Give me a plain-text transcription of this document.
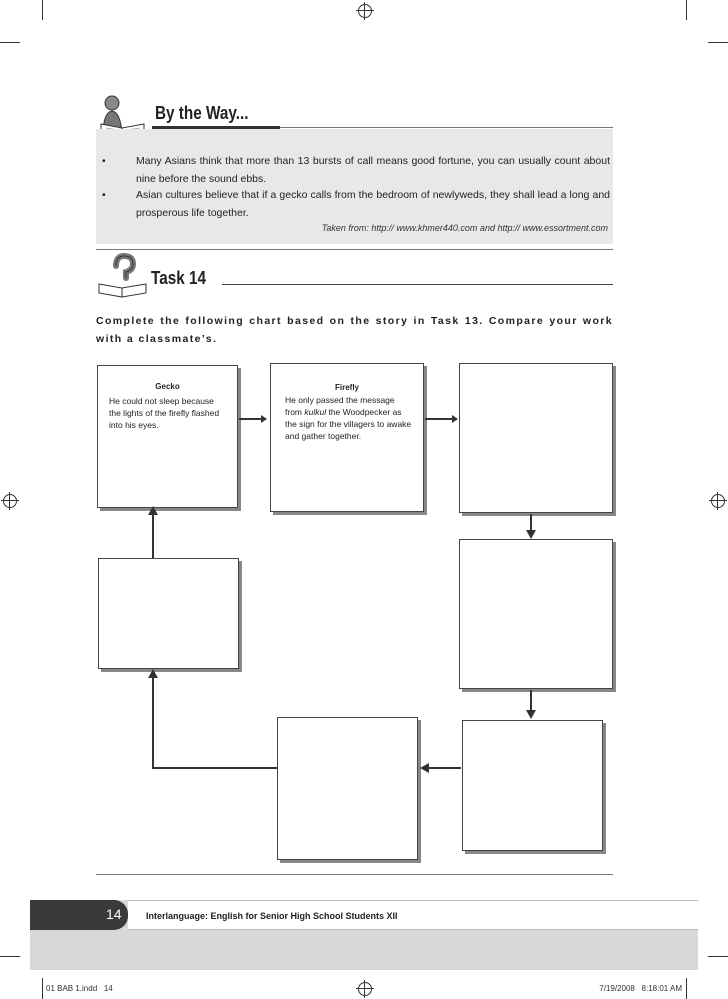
By the Way...
•	Many Asians think that more than 13 bursts of call means good fortune, you can usually count about nine before the sound ebbs.
•	Asian cultures believe that if a gecko calls from the bedroom of newlyweds, they shall lead a long and prosperous life together.
Taken from: http:// www.khmer440.com and http:// www.essortment.com
Task 14
Complete the following chart based on the story in Task 13. Compare your work with a classmate’s.
Gecko
He could not sleep because the lights of the firefly flashed into his eyes.
Firefly
He only passed the message from kulkul the Woodpecker as the sign for the villagers to awake and gather together.
14	Interlanguage: English for Senior High School Students XII
01 BAB 1.indd   14	7/19/2008   8:18:01 AM
